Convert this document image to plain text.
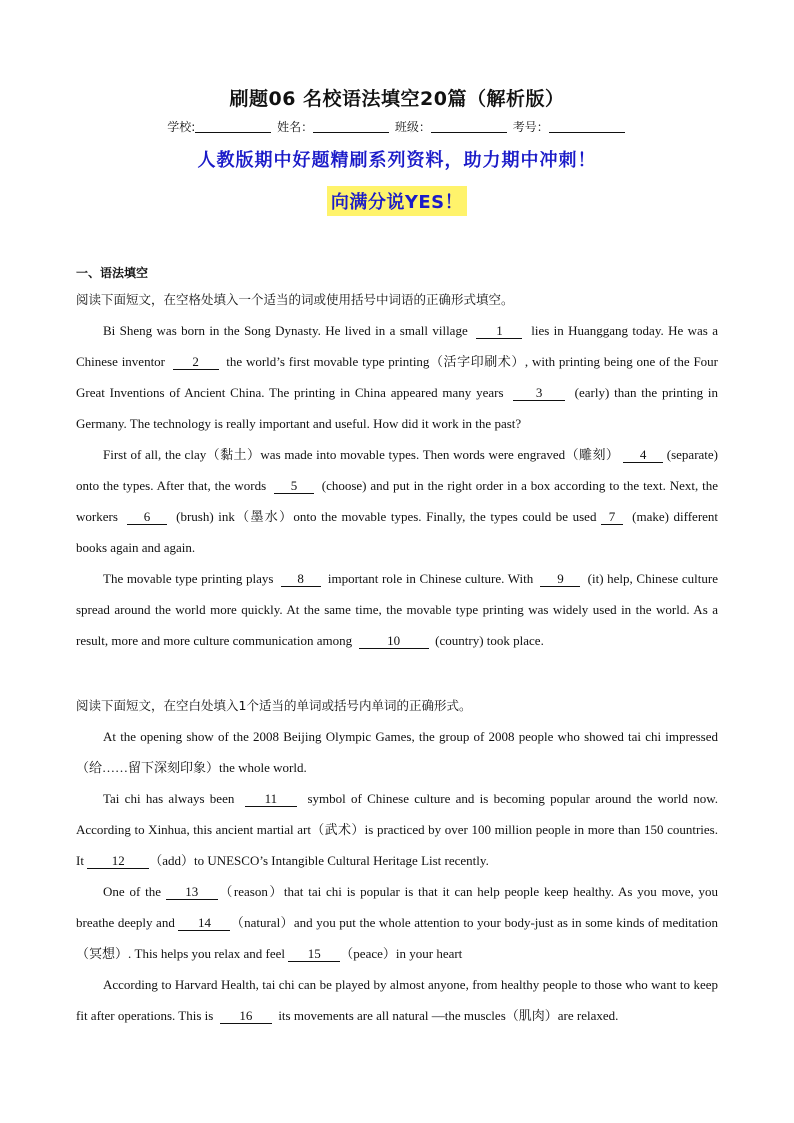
刷题06 名校语法填空20篇（解析版）
学校:	姓名：	班级：	考号：
人教版期中好题精刷系列资料，助力期中冲刺！
向满分说YES！
一、语法填空
阅读下面短文，在空格处填入一个适当的词或使用括号中词语的正确形式填空。

Bi Sheng was born in the Song Dynasty. He lived in a small village 1 lies in Huanggang today. He was a Chinese inventor 2 the world’s first movable type printing（活字印刷术）, with printing being one of the Four Great Inventions of Ancient China. The printing in China appeared many years 3 (early) than the printing in Germany. The technology is really important and useful. How did it work in the past?

First of all, the clay（黏土）was made into movable types. Then words were engraved（雕刻） 4 (separate) onto the types. After that, the words 5 (choose) and put in the right order in a box according to the text. Next, the workers 6 (brush) ink（墨水）onto the movable types. Finally, the types could be used 7 (make) different books again and again.

The movable type printing plays 8 important role in Chinese culture. With 9 (it) help, Chinese culture spread around the world more quickly. At the same time, the movable type printing was widely used in the world. As a result, more and more culture communication among	10	(country) took place.

阅读下面短文，在空白处填入1个适当的单词或括号内单词的正确形式。

At the opening show of the 2008 Beijing Olympic Games, the group of 2008 people who showed tai chi impressed（给……留下深刻印象）the whole world.

Tai chi has always been 11 symbol of Chinese culture and is becoming popular around the world now. According to Xinhua, this ancient martial art（武术）is practiced by over 100 million people in more than 150 countries. It 12 （add）to UNESCO’s Intangible Cultural Heritage List recently.

One of the 13 （reason）that tai chi is popular is that it can help people keep healthy. As you move, you breathe deeply and 14 （natural）and you put the whole attention to your body-just as in some kinds of meditation（冥想）. This helps you relax and feel 15 （peace）in your heart

According to Harvard Health, tai chi can be played by almost anyone, from healthy people to those who want to keep fit after operations. This is 16 its movements are all natural —the muscles（肌肉）are relaxed.
